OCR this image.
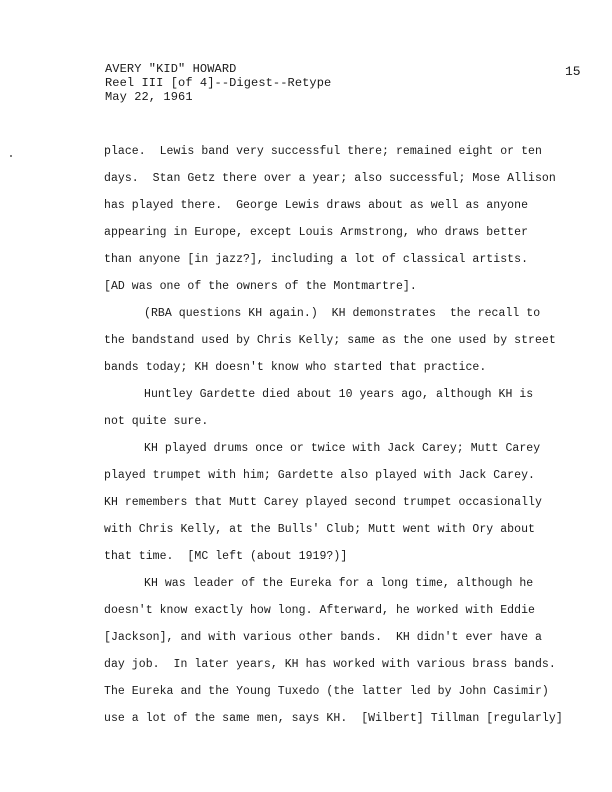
AVERY "KID" HOWARD
Reel III [of 4]--Digest--Retype
May 22, 1961
15
place.  Lewis band very successful there; remained eight or ten
days.  Stan Getz there over a year; also successful; Mose Allison
has played there.  George Lewis draws about as well as anyone
appearing in Europe, except Louis Armstrong, who draws better
than anyone [in jazz?], including a lot of classical artists.
[AD was one of the owners of the Montmartre].
(RBA questions KH again.)  KH demonstrates  the recall to
the bandstand used by Chris Kelly; same as the one used by street
bands today; KH doesn't know who started that practice.
Huntley Gardette died about 10 years ago, although KH is
not quite sure.
KH played drums once or twice with Jack Carey; Mutt Carey
played trumpet with him; Gardette also played with Jack Carey.
KH remembers that Mutt Carey played second trumpet occasionally
with Chris Kelly, at the Bulls' Club; Mutt went with Ory about
that time.  [MC left (about 1919?)]
KH was leader of the Eureka for a long time, although he
doesn't know exactly how long. Afterward, he worked with Eddie
[Jackson], and with various other bands.  KH didn't ever have a
day job.  In later years, KH has worked with various brass bands.
The Eureka and the Young Tuxedo (the latter led by John Casimir)
use a lot of the same men, says KH.  [Wilbert] Tillman [regularly]
